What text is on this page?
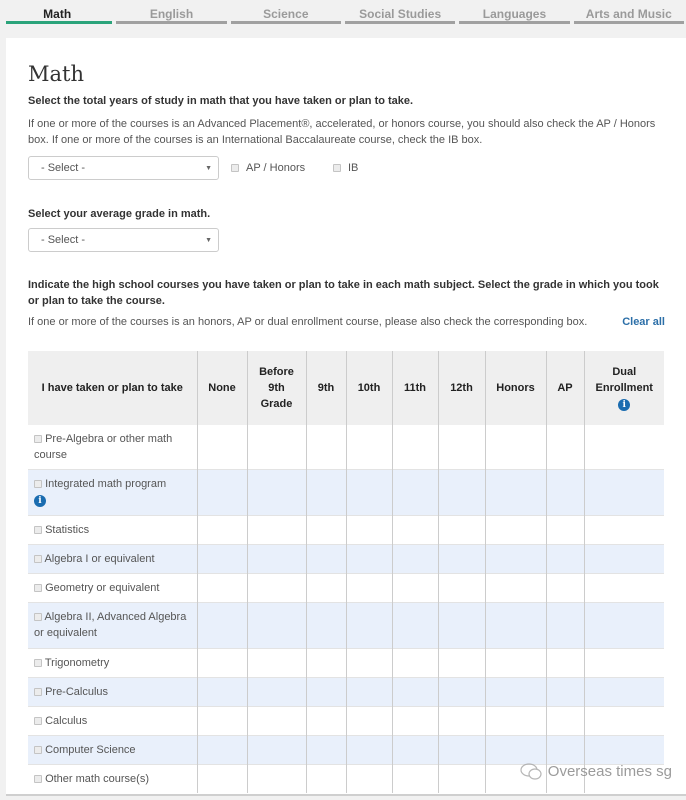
Math	English	Science	Social Studies	Languages	Arts and Music
Math
Select the total years of study in math that you have taken or plan to take.
If one or more of the courses is an Advanced Placement®, accelerated, or honors course, you should also check the AP / Honors box. If one or more of the courses is an International Baccalaureate course, check the IB box.
- Select -	▼	AP / Honors	IB
Select your average grade in math.
- Select -	▼
Indicate the high school courses you have taken or plan to take in each math subject. Select the grade in which you took or plan to take the course.
If one or more of the courses is an honors, AP or dual enrollment course, please also check the corresponding box.	Clear all
I have taken or plan to take	None	Before 9th Grade	9th	10th	11th	12th	Honors	AP	Dual Enrollment
i
Pre-Algebra or other math course									
Integrated math program
i									
Statistics									
Algebra I or equivalent									
Geometry or equivalent									
Algebra II, Advanced Algebra or equivalent									
Trigonometry									
Pre-Calculus									
Calculus									
Computer Science									
Other math course(s)										Overseas times sg
